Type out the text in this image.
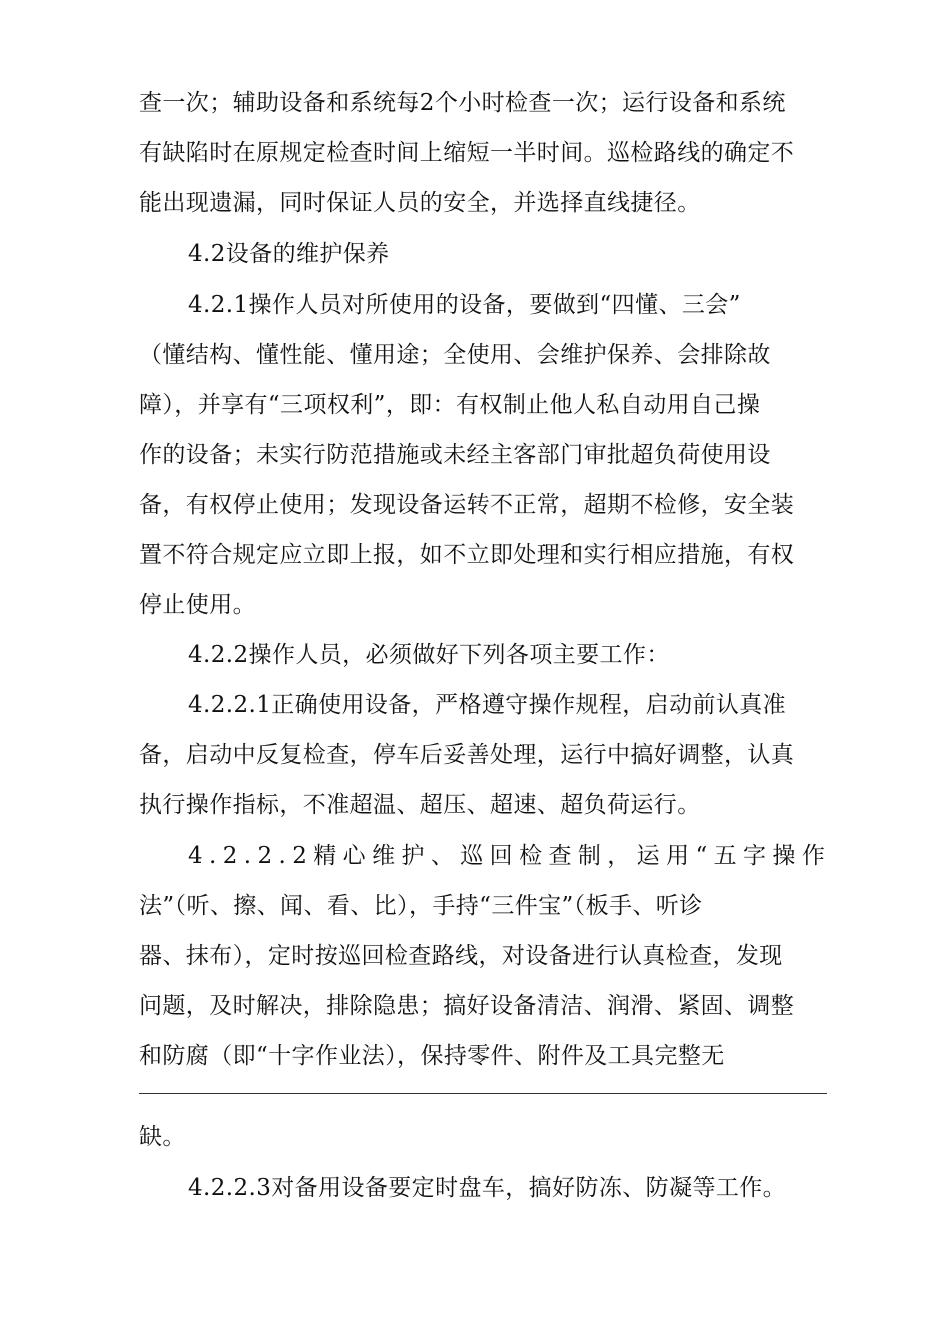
查一次；辅助设备和系统每2个小时检查一次；运行设备和系统
有缺陷时在原规定检查时间上缩短一半时间。巡检路线的确定不
能出现遗漏，同时保证人员的安全，并选择直线捷径。
4.2设备的维护保养
4.2.1操作人员对所使用的设备，要做到“四懂、三会”
（懂结构、懂性能、懂用途；全使用、会维护保养、会排除故
障），并享有“三项权利”，即：有权制止他人私自动用自己操
作的设备；未实行防范措施或未经主客部门审批超负荷使用设
备，有权停止使用；发现设备运转不正常，超期不检修，安全装
置不符合规定应立即上报，如不立即处理和实行相应措施，有权
停止使用。
4.2.2操作人员，必须做好下列各项主要工作：
4.2.2.1正确使用设备，严格遵守操作规程，启动前认真准
备，启动中反复检查，停车后妥善处理，运行中搞好调整，认真
执行操作指标，不准超温、超压、超速、超负荷运行。
4.2.2.2精心维护、巡回检查制，运用“五字操作
法”（听、擦、闻、看、比），手持“三件宝”（板手、听诊
器、抹布），定时按巡回检查路线，对设备进行认真检查，发现
问题，及时解决，排除隐患；搞好设备清洁、润滑、紧固、调整
和防腐（即“十字作业法），保持零件、附件及工具完整无
缺。
4.2.2.3对备用设备要定时盘车，搞好防冻、防凝等工作。
